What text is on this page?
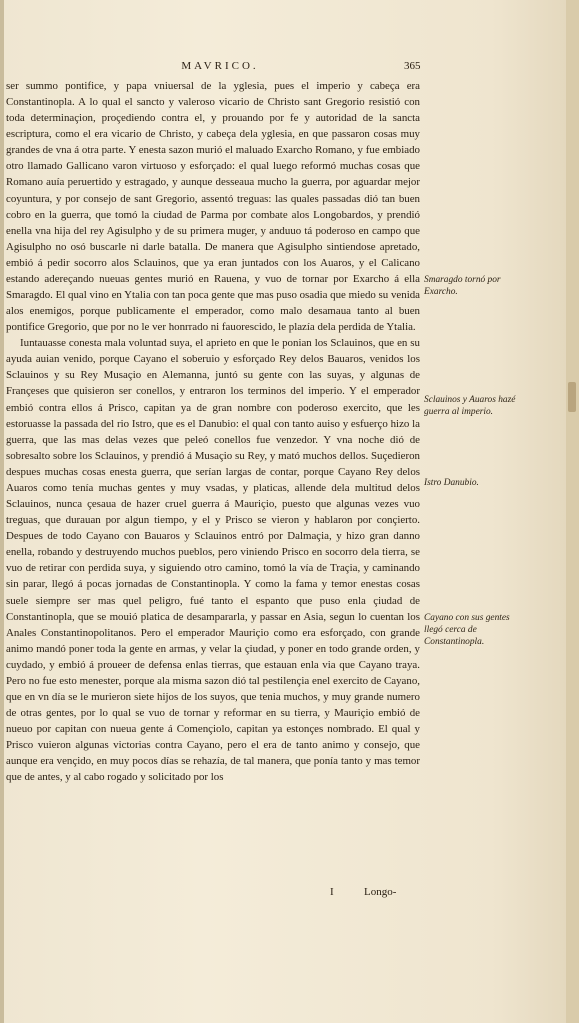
MAVRICO.	365

ser summo pontifice, y papa vniuersal de la yglesia, pues el imperio y cabeça era Constantinopla. A lo qual el sancto y valeroso vicario de Christo sant Gregorio resistió con toda determinaçion, proçediendo contra el, y prouando por fe y autoridad de la sancta escriptura, como el era vicario de Christo, y cabeça dela yglesia, en que passaron cosas muy grandes de vna á otra parte. Y enesta sazon murió el maluado Exarcho Romano, y fue embiado otro llamado Gallicano varon virtuoso y esforçado: el qual luego reformó muchas cosas que Romano auía peruertido y estragado, y aunque desseaua mucho la guerra, por aguardar mejor coyuntura, y por consejo de sant Gregorio, assentó treguas: las quales passadas dió tan buen cobro en la guerra, que tomó la ciudad de Parma por combate alos Longobardos, y prendió enella vna hija del rey Agisulpho y de su primera muger, y anduuo tá poderoso en campo que Agisulpho no osó buscarle ni darle batalla. De manera que Agisulpho sintiendose apretado, embió á pedir socorro alos Sclauinos, que ya eran juntados con los Auaros, y el Calicano estando adereçando nueuas gentes murió en Rauena, y vuo de tornar por Exarcho á ella Smaragdo. El qual vino en Ytalia con tan poca gente que mas puso osadia que miedo su venida alos enemigos, porque publicamente el emperador, como malo desamaua tanto al buen pontifice Gregorio, que por no le ver honrrado ni fauorescido, le plazía dela perdida de Ytalia.

Iuntauasse conesta mala voluntad suya, el aprieto en que le ponian los Sclauinos, que en su ayuda auian venido, porque Cayano el soberuio y esforçado Rey delos Bauaros, venidos los Sclauinos y su Rey Musaçio en Alemanna, juntó su gente con las suyas, y algunas de Françeses que quisieron ser conellos, y entraron los terminos del imperio. Y el emperador embió contra ellos á Prisco, capitan ya de gran nombre con poderoso exercito, que les estoruasse la passada del rio Istro, que es el Danubio: el qual con tanto auiso y esfuerço hizo la guerra, que las mas delas vezes que peleó conellos fue venzedor. Y vna noche dió de sobresalto sobre los Sclauinos, y prendió á Musaçio su Rey, y mató muchos dellos. Suçedieron despues muchas cosas enesta guerra, que serían largas de contar, porque Cayano Rey delos Auaros como tenía muchas gentes y muy vsadas, y platicas, allende dela multitud delos Sclauinos, nunca çesaua de hazer cruel guerra á Mauriçio, puesto que algunas vezes vuo treguas, que durauan por algun tiempo, y el y Prisco se vieron y hablaron por conçierto. Despues de todo Cayano con Bauaros y Sclauinos entró por Dalmaçia, y hizo gran danno enella, robando y destruyendo muchos pueblos, pero viniendo Prisco en socorro dela tierra, se vuo de retirar con perdida suya, y siguiendo otro camino, tomó la vía de Traçia, y caminando sin parar, llegó á pocas jornadas de Constantinopla. Y como la fama y temor enestas cosas suele siempre ser mas quel peligro, fué tanto el espanto que puso enla çiudad de Constantinopla, que se mouió platica de desampararla, y passar en Asia, segun lo cuentan los Anales Constantinopolitanos. Pero el emperador Mauriçio como era esforçado, con grande animo mandó poner toda la gente en armas, y velar la çiudad, y poner en todo grande orden, y cuydado, y embió á proueer de defensa enlas tierras, que estauan enla via que Cayano traya. Pero no fue esto menester, porque ala misma sazon dió tal pestilençia enel exercito de Cayano, que en vn día se le murieron siete hijos de los suyos, que tenia muchos, y muy grande numero de otras gentes, por lo qual se vuo de tornar y reformar en su tierra, y Mauriçio embió de nueuo por capitan con nueua gente á Començiolo, capitan ya estonçes nombrado. El qual y Prisco vuieron algunas victorias contra Cayano, pero el era de tanto animo y consejo, que aunque era vençido, en muy pocos días se rehazía, de tal manera, que ponía tanto y mas temor que de antes, y al cabo rogado y solicitado por los

Smaragdo tornó por Exarcho.
Sclauinos y Auaros hazé guerra al imperio.
Istro Danubio.
Cayano con sus gentes llegó cerca de Constantinopla.
I	Longo-
